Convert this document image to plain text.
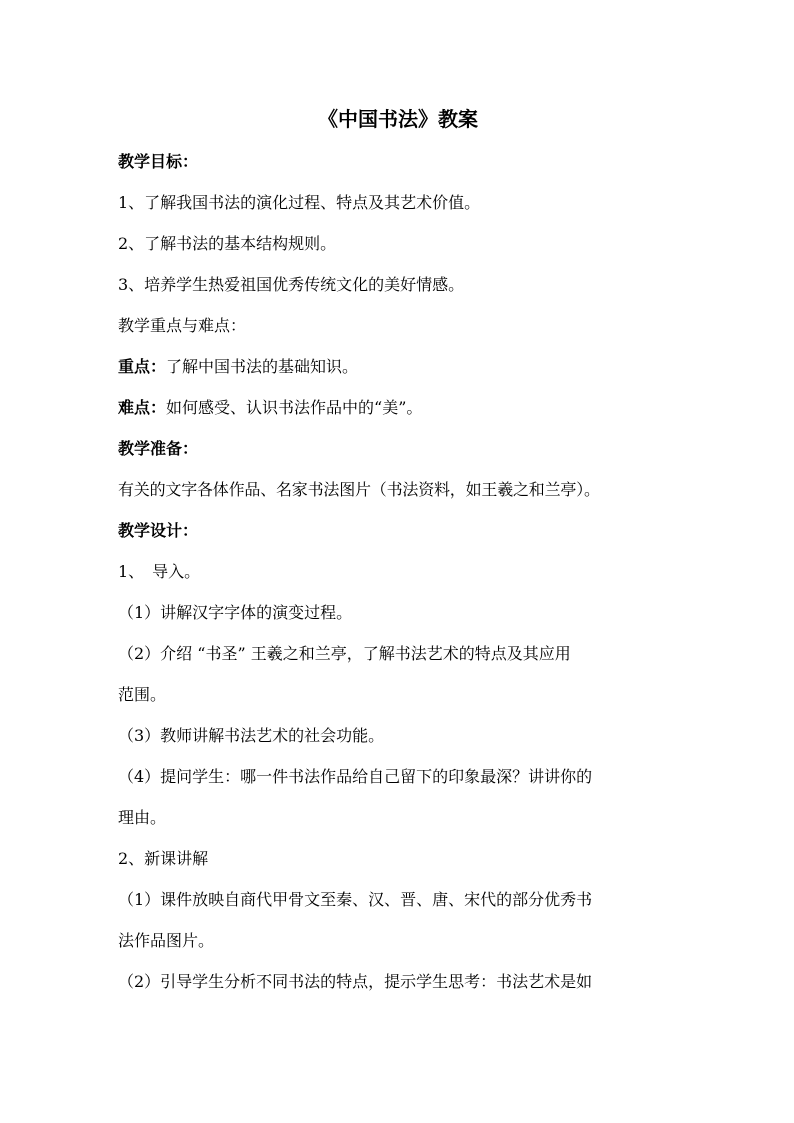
《中国书法》教案
教学目标：
1、了解我国书法的演化过程、特点及其艺术价值。
2、了解书法的基本结构规则。
3、培养学生热爱祖国优秀传统文化的美好情感。
教学重点与难点：
重点：了解中国书法的基础知识。
难点：如何感受、认识书法作品中的“美”。
教学准备：
有关的文字各体作品、名家书法图片（书法资料，如王羲之和兰亭）。
教学设计：
1、　导入。
（1）讲解汉字字体的演变过程。
（2）介绍 “书圣” 王羲之和兰亭，了解书法艺术的特点及其应用
范围。
（3）教师讲解书法艺术的社会功能。
（4）提问学生：哪一件书法作品给自己留下的印象最深？讲讲你的
理由。
2、新课讲解
（1）课件放映自商代甲骨文至秦、汉、晋、唐、宋代的部分优秀书
法作品图片。
（2）引导学生分析不同书法的特点，提示学生思考：书法艺术是如
